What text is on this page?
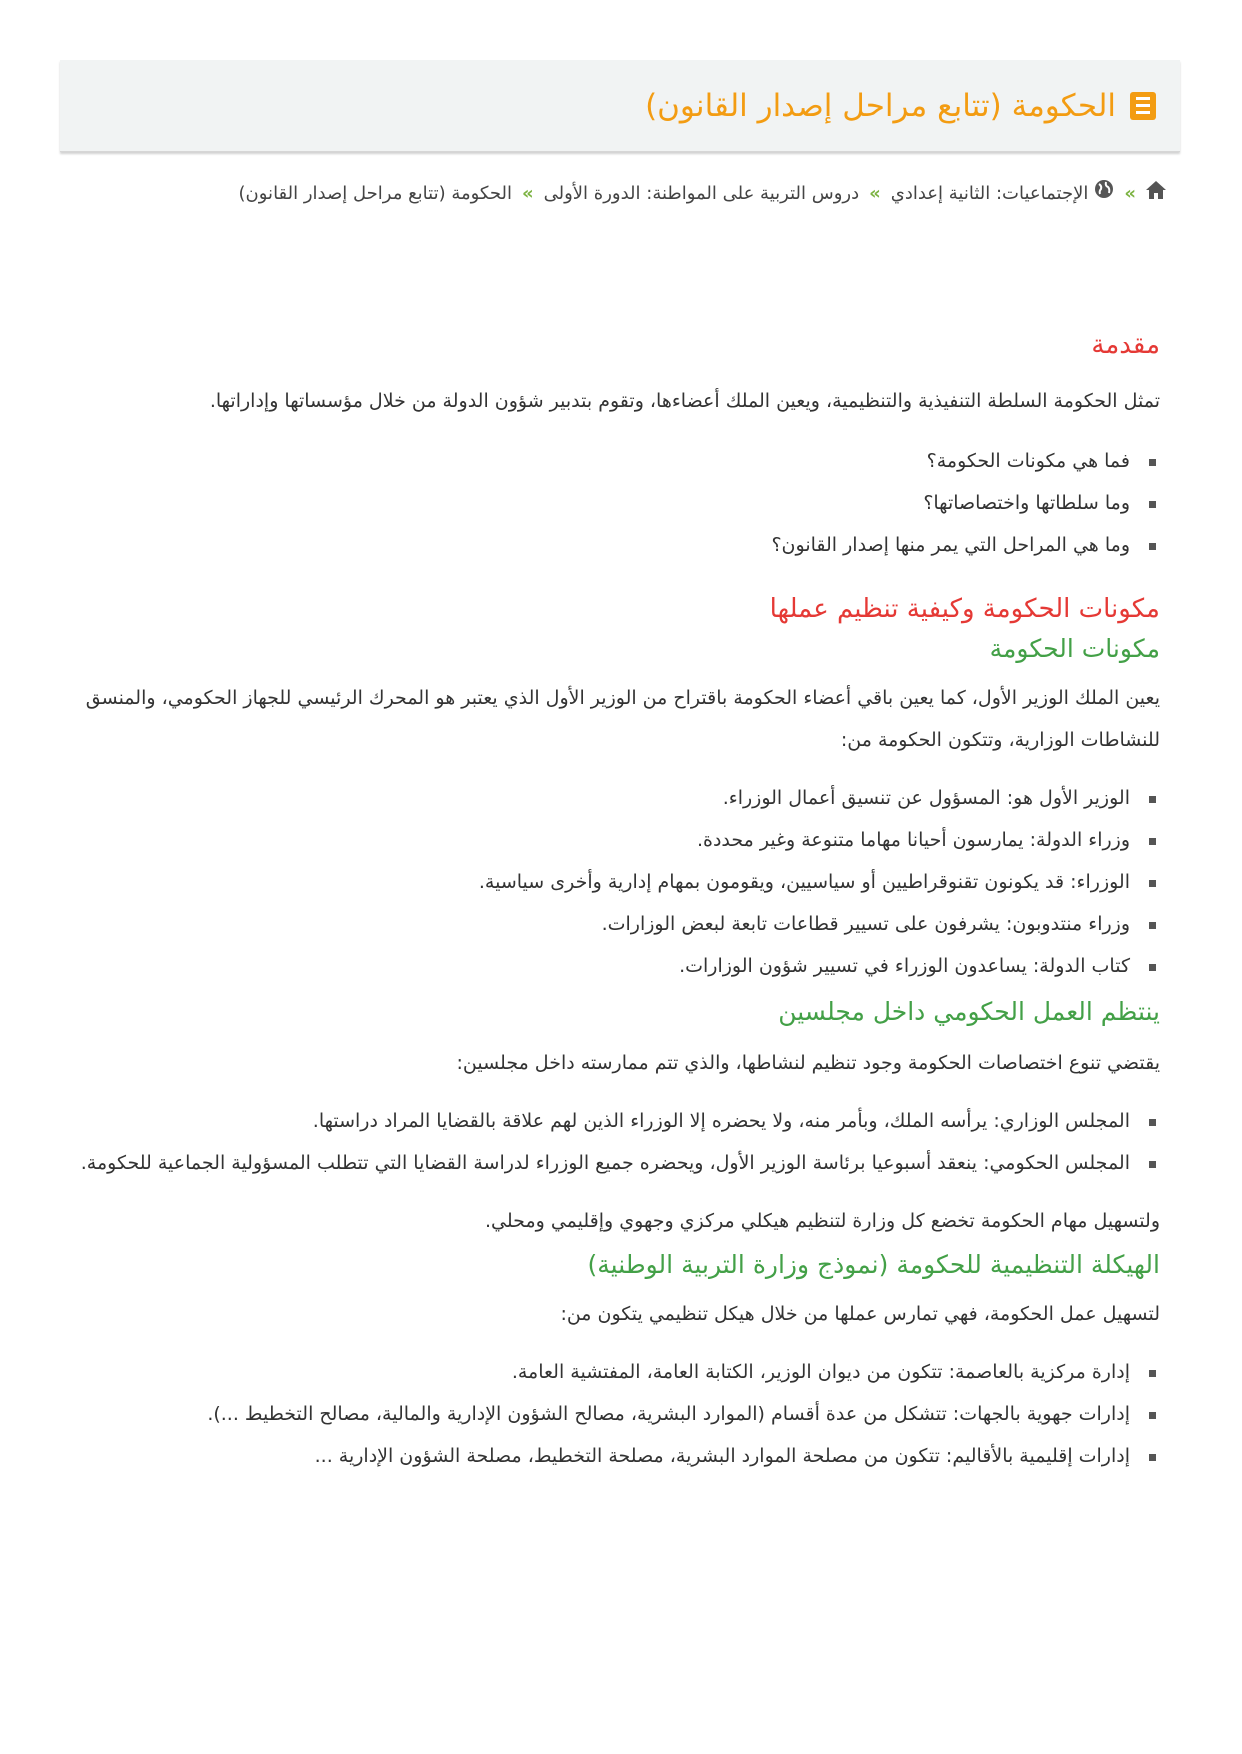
الحكومة (تتابع مراحل إصدار القانون)
»الإجتماعيات: الثانية إعدادي»دروس التربية على المواطنة: الدورة الأولى»الحكومة (تتابع مراحل إصدار القانون)
مقدمة

تمثل الحكومة السلطة التنفيذية والتنظيمية، ويعين الملك أعضاءها، وتقوم بتدبير شؤون الدولة من خلال مؤسساتها وإداراتها.

فما هي مكونات الحكومة؟
وما سلطاتها واختصاصاتها؟
وما هي المراحل التي يمر منها إصدار القانون؟
مكونات الحكومة وكيفية تنظيم عملها
مكونات الحكومة

يعين الملك الوزير الأول، كما يعين باقي أعضاء الحكومة باقتراح من الوزير الأول الذي يعتبر هو المحرك الرئيسي للجهاز الحكومي، والمنسق للنشاطات الوزارية، وتتكون الحكومة من:

الوزير الأول هو: المسؤول عن تنسيق أعمال الوزراء.
وزراء الدولة: يمارسون أحيانا مهاما متنوعة وغير محددة.
الوزراء: قد يكونون تقنوقراطيين أو سياسيين، ويقومون بمهام إدارية وأخرى سياسية.
وزراء منتدوبون: يشرفون على تسيير قطاعات تابعة لبعض الوزارات.
كتاب الدولة: يساعدون الوزراء في تسيير شؤون الوزارات.
ينتظم العمل الحكومي داخل مجلسين

يقتضي تنوع اختصاصات الحكومة وجود تنظيم لنشاطها، والذي تتم ممارسته داخل مجلسين:

المجلس الوزاري: يرأسه الملك، وبأمر منه، ولا يحضره إلا الوزراء الذين لهم علاقة بالقضايا المراد دراستها.
المجلس الحكومي: ينعقد أسبوعيا برئاسة الوزير الأول، ويحضره جميع الوزراء لدراسة القضايا التي تتطلب المسؤولية الجماعية للحكومة.

ولتسهيل مهام الحكومة تخضع كل وزارة لتنظيم هيكلي مركزي وجهوي وإقليمي ومحلي.

الهيكلة التنظيمية للحكومة (نموذج وزارة التربية الوطنية)

لتسهيل عمل الحكومة، فهي تمارس عملها من خلال هيكل تنظيمي يتكون من:

إدارة مركزية بالعاصمة: تتكون من ديوان الوزير، الكتابة العامة، المفتشية العامة.
إدارات جهوية بالجهات: تتشكل من عدة أقسام (الموارد البشرية، مصالح الشؤون الإدارية والمالية، مصالح التخطيط ...).
إدارات إقليمية بالأقاليم: تتكون من مصلحة الموارد البشرية، مصلحة التخطيط، مصلحة الشؤون الإدارية ...
